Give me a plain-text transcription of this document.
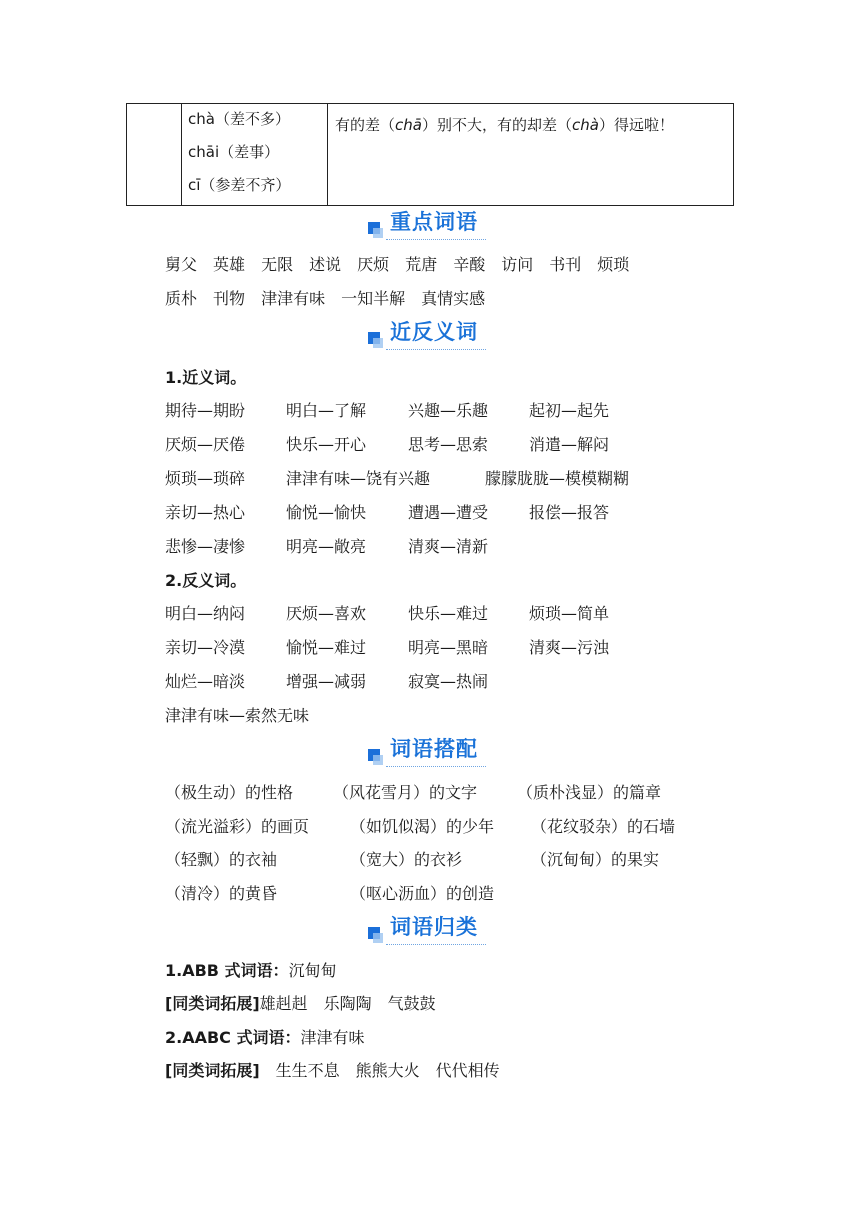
chà（差不多）
chāi（差事）
cī（参差不齐）
有的差（chā）别不大，有的却差（chà）得远啦！
重点词语
舅父　 英雄　 无限　 述说　 厌烦　 荒唐　 辛酸　 访问　 书刊　 烦琐
质朴　 刊物　 津津有味　 一知半解　 真情实感
近反义词
1.近义词。
期待—期盼	明白—了解	兴趣—乐趣	起初—起先
厌烦—厌倦	快乐—开心	思考—思索	消遣—解闷
烦琐—琐碎	津津有味—饶有兴趣	朦朦胧胧—模模糊糊
亲切—热心	愉悦—愉快	遭遇—遭受	报偿—报答
悲惨—凄惨	明亮—敞亮	清爽—清新
2.反义词。
明白—纳闷	厌烦—喜欢	快乐—难过	烦琐—简单
亲切—冷漠	愉悦—难过	明亮—黑暗	清爽—污浊
灿烂—暗淡	增强—减弱	寂寞—热闹
津津有味—索然无味
词语搭配
（极生动）的性格 （风花雪月）的文字 （质朴浅显）的篇章
（流光溢彩）的画页	（如饥似渴）的少年 （花纹驳杂）的石墙
（轻飘）的衣袖	（宽大）的衣衫	（沉甸甸）的果实
（清冷）的黄昏	（呕心沥血）的创造
词语归类
1.ABB 式词语：沉甸甸
[同类词拓展]雄赳赳　乐陶陶　气鼓鼓
2.AABC 式词语：津津有味
[同类词拓展]　 生生不息　熊熊大火　代代相传
